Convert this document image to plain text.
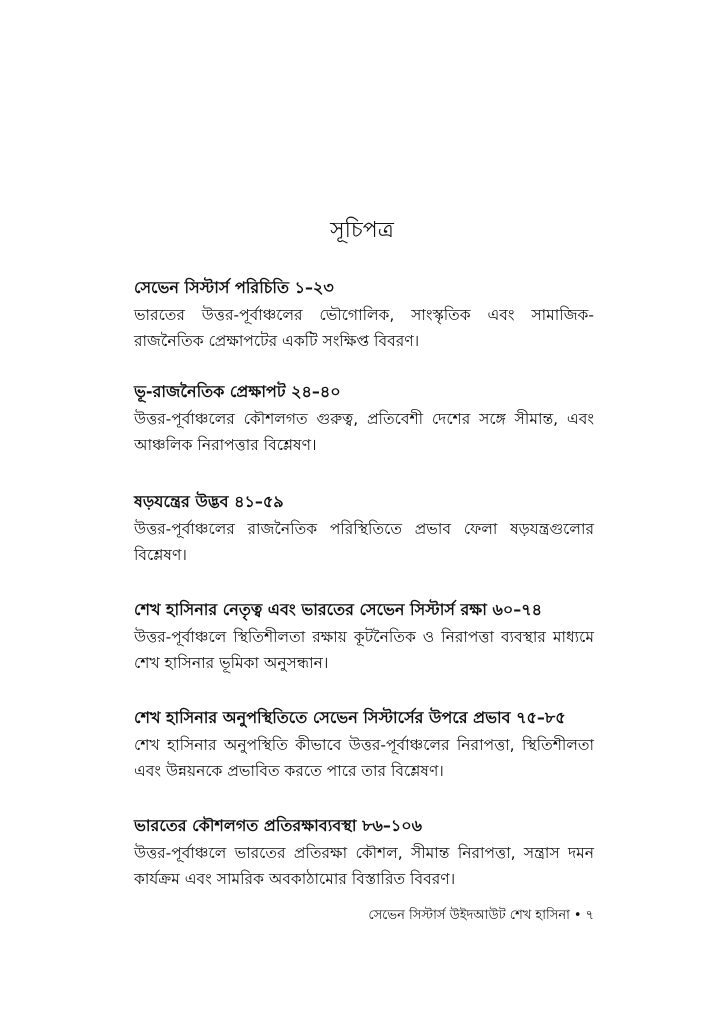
সূচিপত্র
সেভেন সিস্টার্স পরিচিতি ১–২৩
ভারতের উত্তর-পূর্বাঞ্চলের ভৌগোলিক, সাংস্কৃতিক এবং সামাজিক-রাজনৈতিক প্রেক্ষাপটের একটি সংক্ষিপ্ত বিবরণ।
ভূ-রাজনৈতিক প্রেক্ষাপট ২৪–৪০
উত্তর-পূর্বাঞ্চলের কৌশলগত গুরুত্ব, প্রতিবেশী দেশের সঙ্গে সীমান্ত, এবং আঞ্চলিক নিরাপত্তার বিশ্লেষণ।
ষড়যন্ত্রের উদ্ভব ৪১–৫৯
উত্তর-পূর্বাঞ্চলের রাজনৈতিক পরিস্থিতিতে প্রভাব ফেলা ষড়যন্ত্রগুলোর বিশ্লেষণ।
শেখ হাসিনার নেতৃত্ব এবং ভারতের সেভেন সিস্টার্স রক্ষা ৬০–৭৪
উত্তর-পূর্বাঞ্চলে স্থিতিশীলতা রক্ষায় কূটনৈতিক ও নিরাপত্তা ব্যবস্থার মাধ্যমে শেখ হাসিনার ভূমিকা অনুসন্ধান।
শেখ হাসিনার অনুপস্থিতিতে সেভেন সিস্টার্সের উপরে প্রভাব ৭৫–৮৫
শেখ হাসিনার অনুপস্থিতি কীভাবে উত্তর-পূর্বাঞ্চলের নিরাপত্তা, স্থিতিশীলতা এবং উন্নয়নকে প্রভাবিত করতে পারে তার বিশ্লেষণ।
ভারতের কৌশলগত প্রতিরক্ষাব্যবস্থা ৮৬–১০৬
উত্তর-পূর্বাঞ্চলে ভারতের প্রতিরক্ষা কৌশল, সীমান্ত নিরাপত্তা, সন্ত্রাস দমন কার্যক্রম এবং সামরিক অবকাঠামোর বিস্তারিত বিবরণ।
সেভেন সিস্টার্স উইদআউট শেখ হাসিনা • ৭
